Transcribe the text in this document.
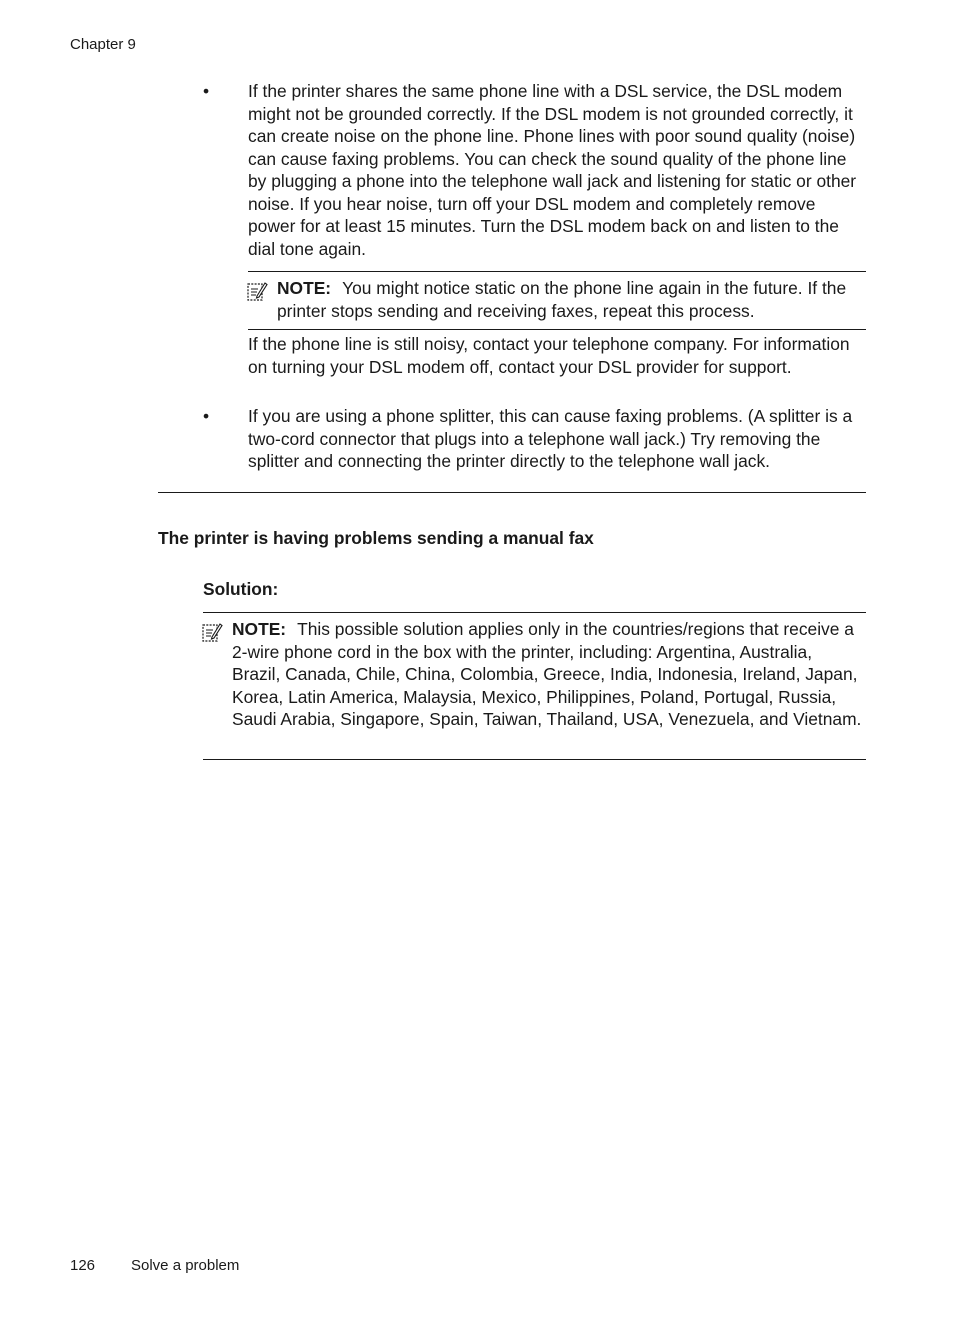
Chapter 9
•	If the printer shares the same phone line with a DSL service, the DSL modem might not be grounded correctly. If the DSL modem is not grounded correctly, it can create noise on the phone line. Phone lines with poor sound quality (noise) can cause faxing problems. You can check the sound quality of the phone line by plugging a phone into the telephone wall jack and listening for static or other noise. If you hear noise, turn off your DSL modem and completely remove power for at least 15 minutes. Turn the DSL modem back on and listen to the dial tone again.
NOTE: You might notice static on the phone line again in the future. If the printer stops sending and receiving faxes, repeat this process.
If the phone line is still noisy, contact your telephone company. For information on turning your DSL modem off, contact your DSL provider for support.
•	If you are using a phone splitter, this can cause faxing problems. (A splitter is a two-cord connector that plugs into a telephone wall jack.) Try removing the splitter and connecting the printer directly to the telephone wall jack.
The printer is having problems sending a manual fax
Solution:
NOTE: This possible solution applies only in the countries/regions that receive a 2-wire phone cord in the box with the printer, including: Argentina, Australia, Brazil, Canada, Chile, China, Colombia, Greece, India, Indonesia, Ireland, Japan, Korea, Latin America, Malaysia, Mexico, Philippines, Poland, Portugal, Russia, Saudi Arabia, Singapore, Spain, Taiwan, Thailand, USA, Venezuela, and Vietnam.
126 Solve a problem
